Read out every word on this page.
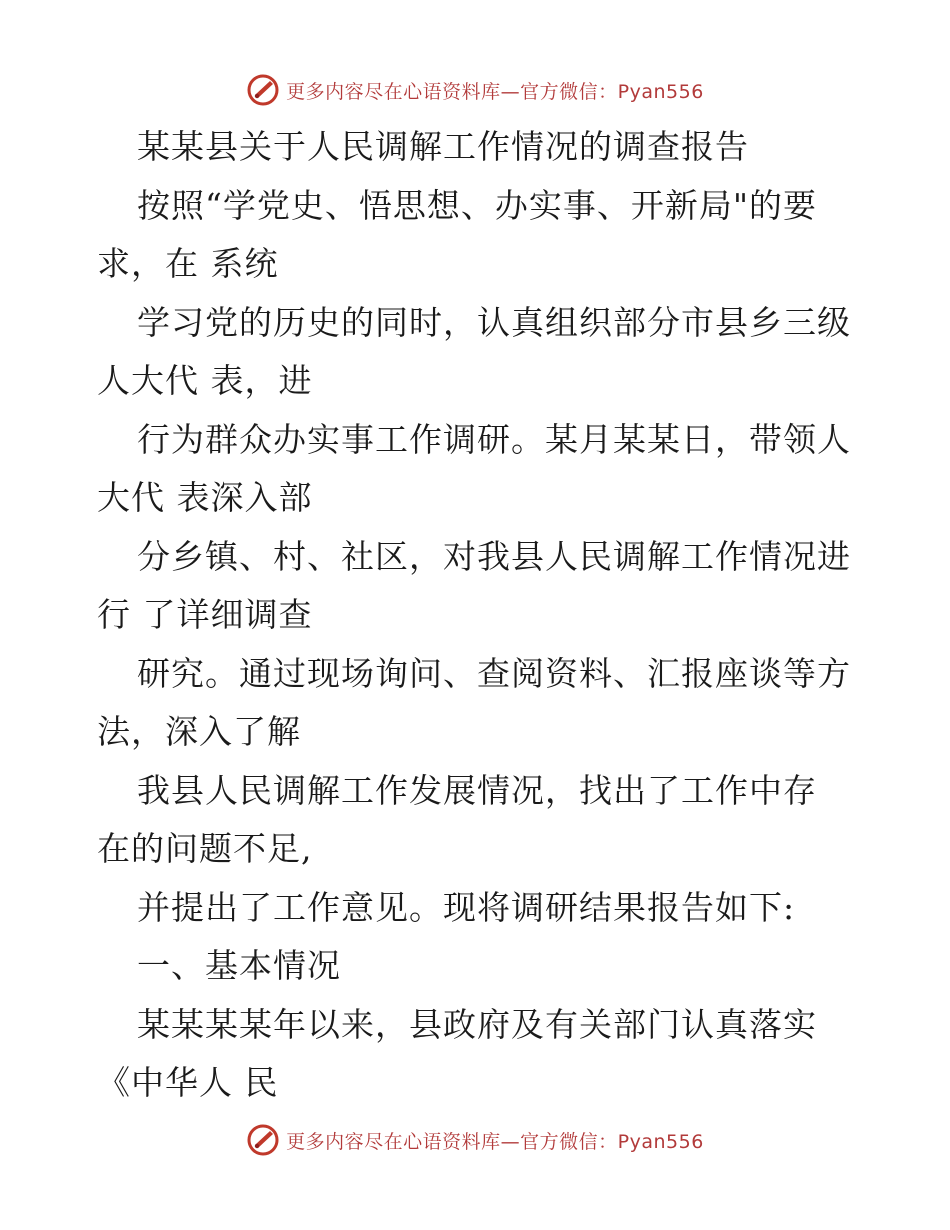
更多内容尽在心语资料库—官方微信：Pyan556
某某县关于人民调解工作情况的调查报告
按照“学党史、悟思想、办实事、开新局"的要
求，在 系统
学习党的历史的同时，认真组织部分市县乡三级
人大代 表，进
行为群众办实事工作调研。某月某某日，带领人
大代 表深入部
分乡镇、村、社区，对我县人民调解工作情况进
行 了详细调查
研究。通过现场询问、查阅资料、汇报座谈等方
法，深入了解
我县人民调解工作发展情况，找出了工作中存
在的问题不足,
并提出了工作意见。现将调研结果报告如下:
一、基本情况
某某某某年以来，县政府及有关部门认真落实
《中华人 民
更多内容尽在心语资料库—官方微信：Pyan556
